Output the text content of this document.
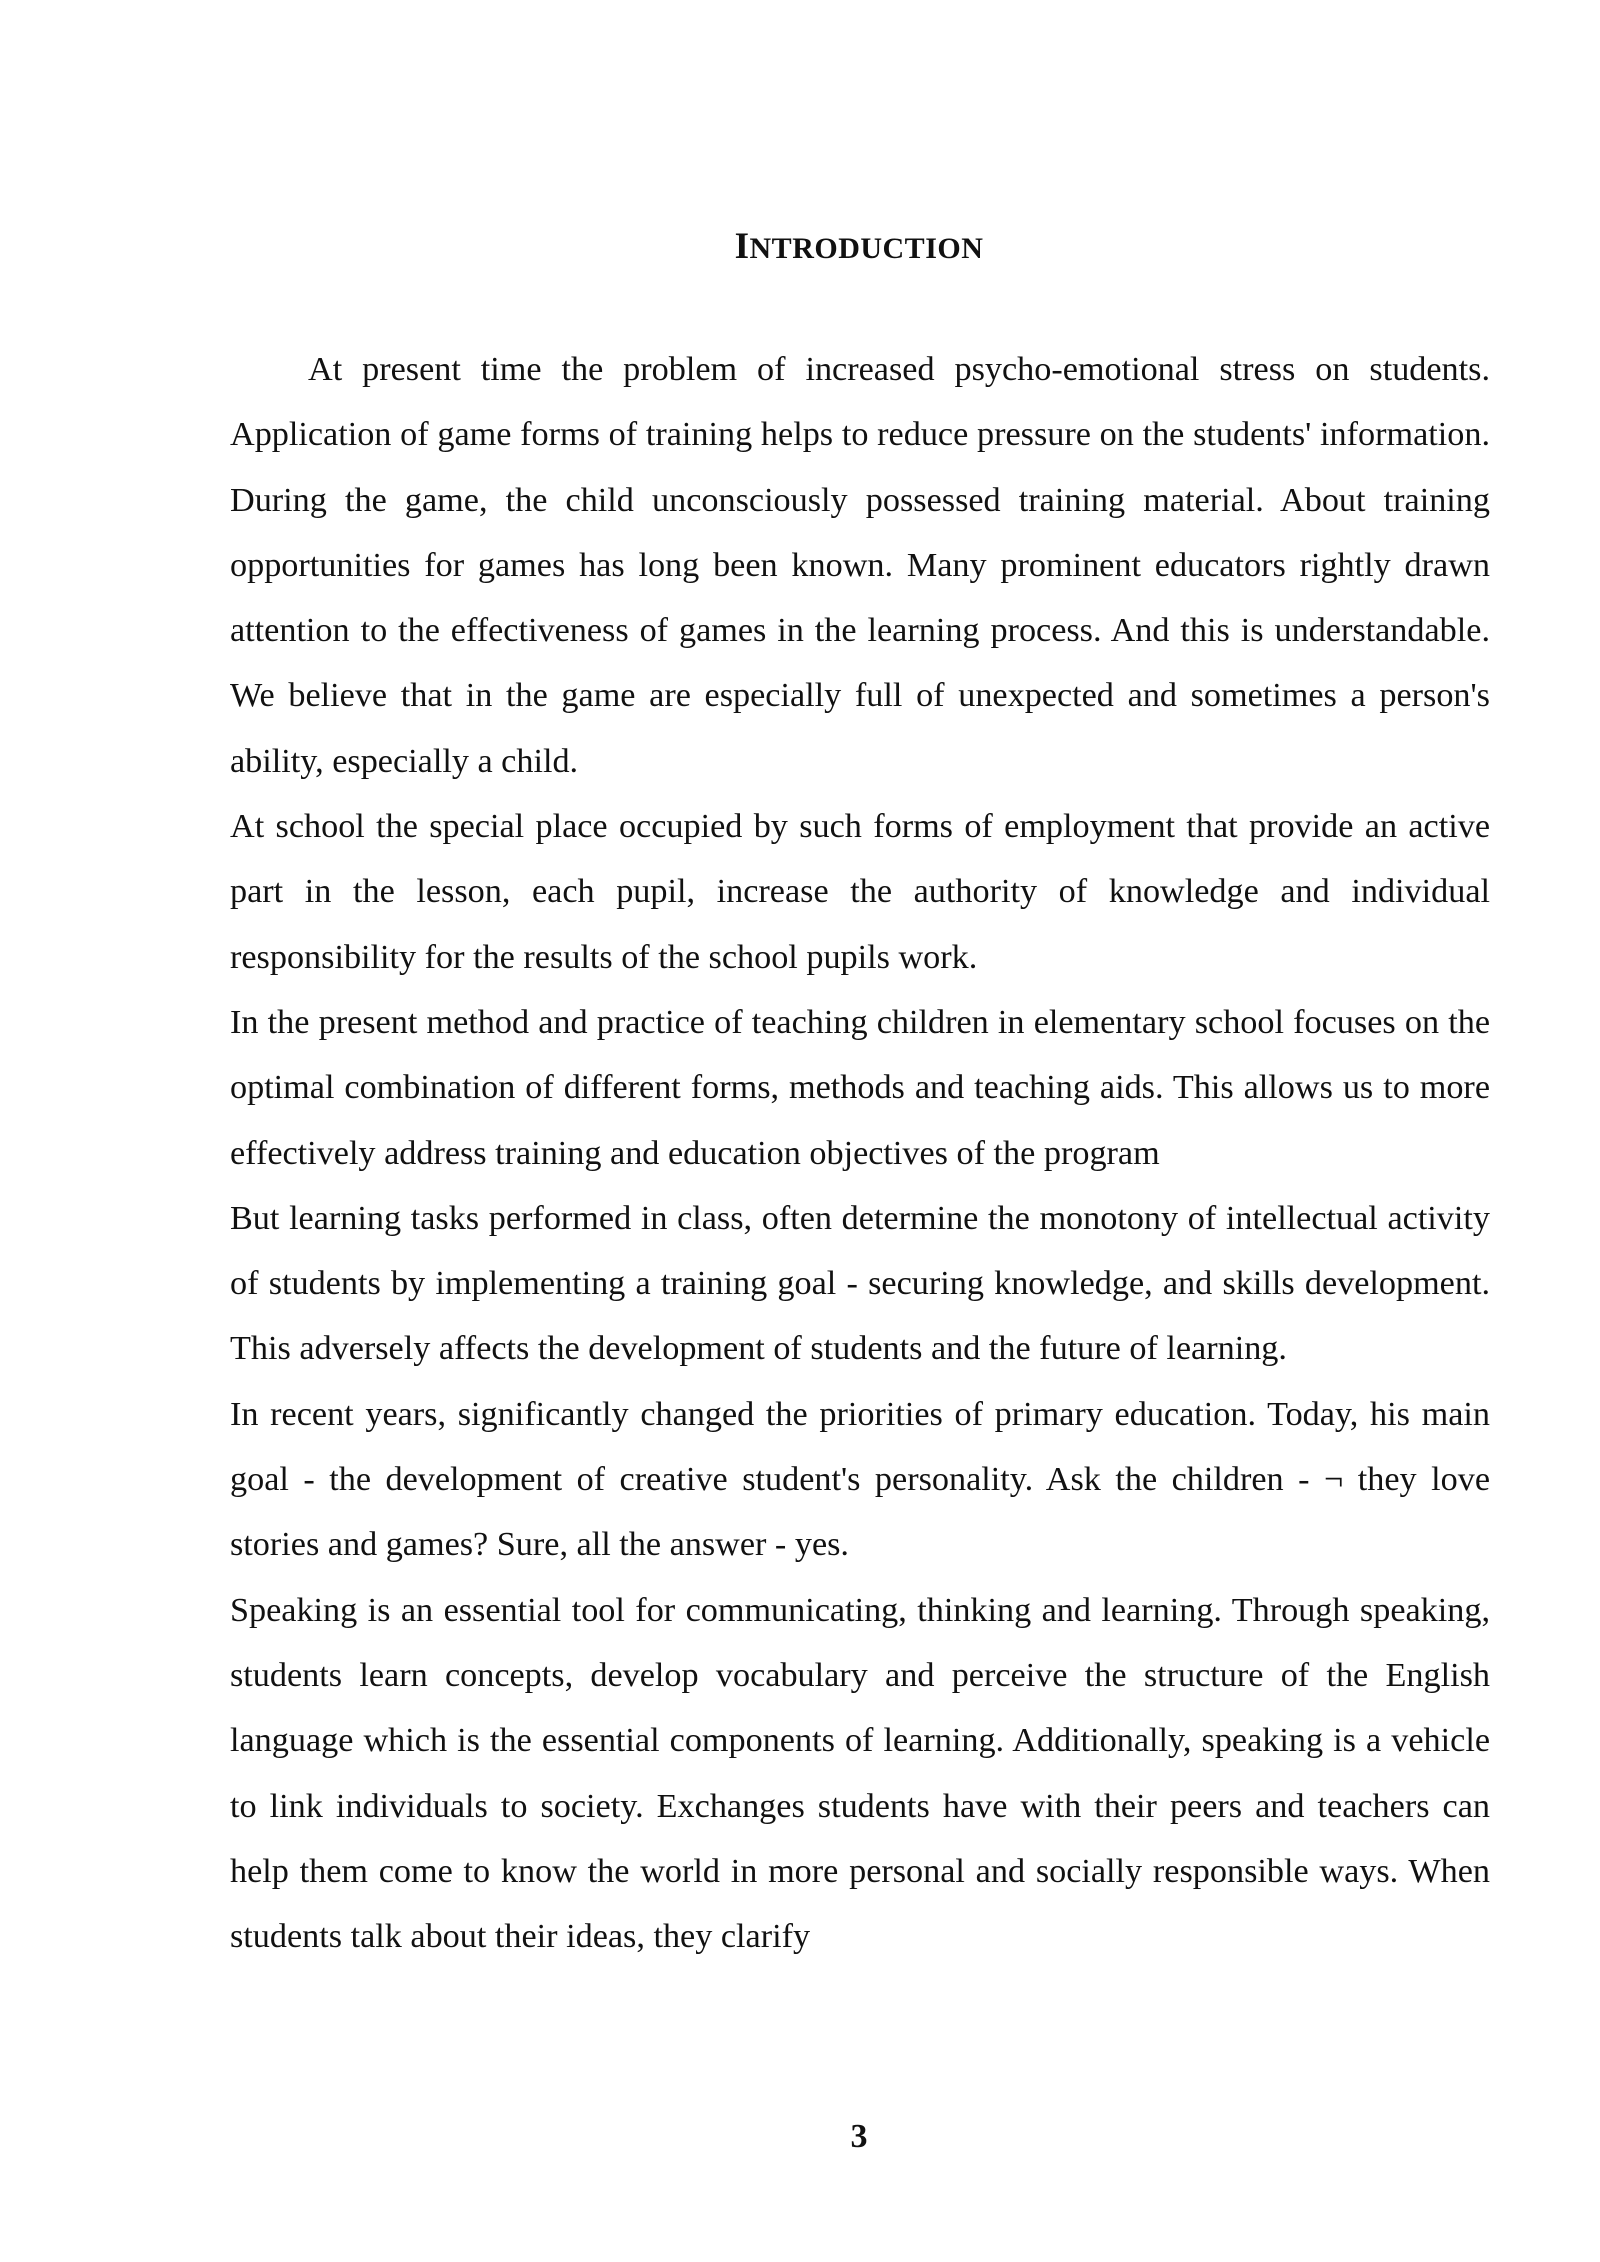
INTRODUCTION

At present time the problem of increased psycho-emotional stress on students. Application of game forms of training helps to reduce pressure on the students' information. During the game, the child unconsciously possessed training material. About training opportunities for games has long been known. Many prominent educators rightly drawn attention to the effectiveness of games in the learning process. And this is understandable. We believe that in the game are especially full of unexpected and sometimes a person's ability, especially a child.

At school the special place occupied by such forms of employment that provide an active part in the lesson, each pupil, increase the authority of knowledge and individual responsibility for the results of the school pupils work.

In the present method and practice of teaching children in elementary school focuses on the optimal combination of different forms, methods and teaching aids. This allows us to more effectively address training and education objectives of the program

But learning tasks performed in class, often determine the monotony of intellectual activity of students by implementing a training goal - securing knowledge, and skills development. This adversely affects the development of students and the future of learning.

In recent years, significantly changed the priorities of primary education. Today, his main goal - the development of creative student's personality. Ask the children - ¬ they love stories and games? Sure, all the answer - yes.

Speaking is an essential tool for communicating, thinking and learning. Through speaking, students learn concepts, develop vocabulary and perceive the structure of the English language which is the essential components of learning. Additionally, speaking is a vehicle to link individuals to society. Exchanges students have with their peers and teachers can help them come to know the world in more personal and socially responsible ways. When students talk about their ideas, they clarify

3
